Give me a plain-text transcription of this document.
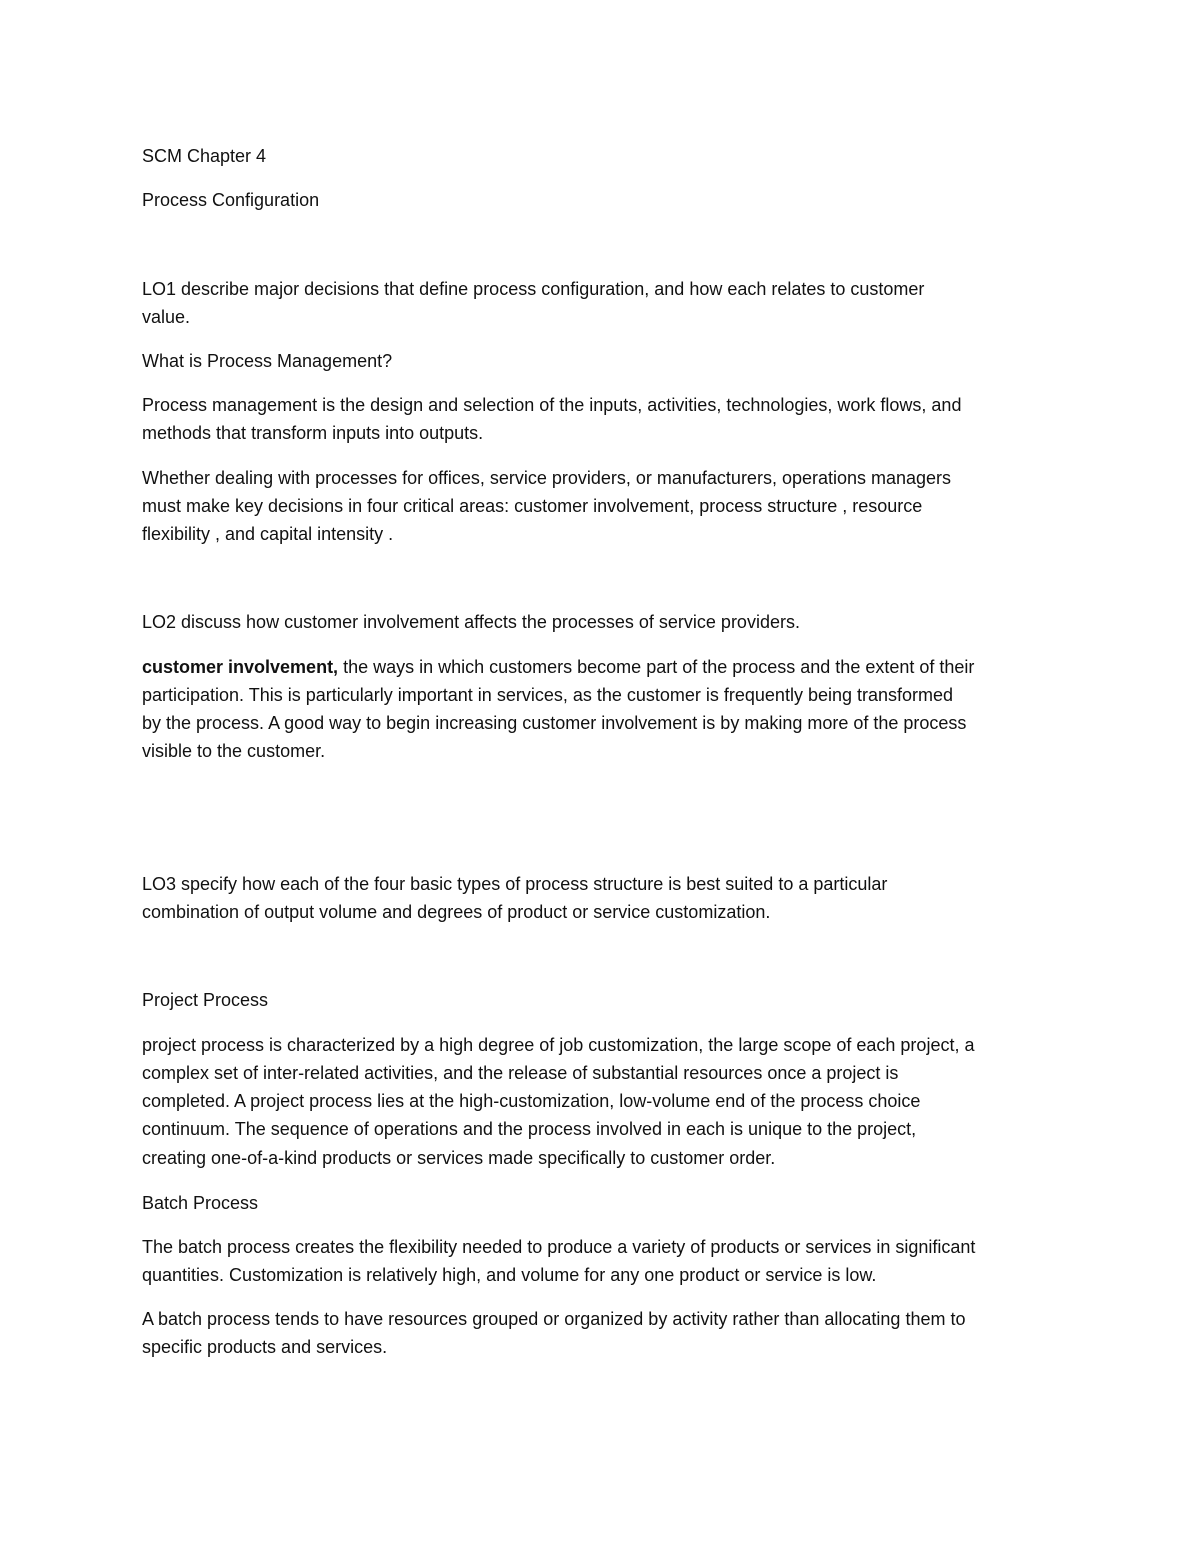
SCM Chapter 4
Process Configuration
LO1 describe major decisions that define process configuration, and how each relates to customer
value.
What is Process Management?
Process management is the design and selection of the inputs, activities, technologies, work flows, and
methods that transform inputs into outputs.
Whether dealing with processes for offices, service providers, or manufacturers, operations managers
must make key decisions in four critical areas: customer involvement, process structure , resource
flexibility , and capital intensity .
LO2 discuss how customer involvement affects the processes of service providers.
customer involvement, the ways in which customers become part of the process and the extent of their
participation. This is particularly important in services, as the customer is frequently being transformed
by the process. A good way to begin increasing customer involvement is by making more of the process
visible to the customer.
LO3 specify how each of the four basic types of process structure is best suited to a particular
combination of output volume and degrees of product or service customization.
Project Process
project process is characterized by a high degree of job customization, the large scope of each project, a
complex set of inter-related activities, and the release of substantial resources once a project is
completed. A project process lies at the high-customization, low-volume end of the process choice
continuum. The sequence of operations and the process involved in each is unique to the project,
creating one-of-a-kind products or services made specifically to customer order.
Batch Process
The batch process creates the flexibility needed to produce a variety of products or services in significant
quantities. Customization is relatively high, and volume for any one product or service is low.
A batch process tends to have resources grouped or organized by activity rather than allocating them to
specific products and services.
